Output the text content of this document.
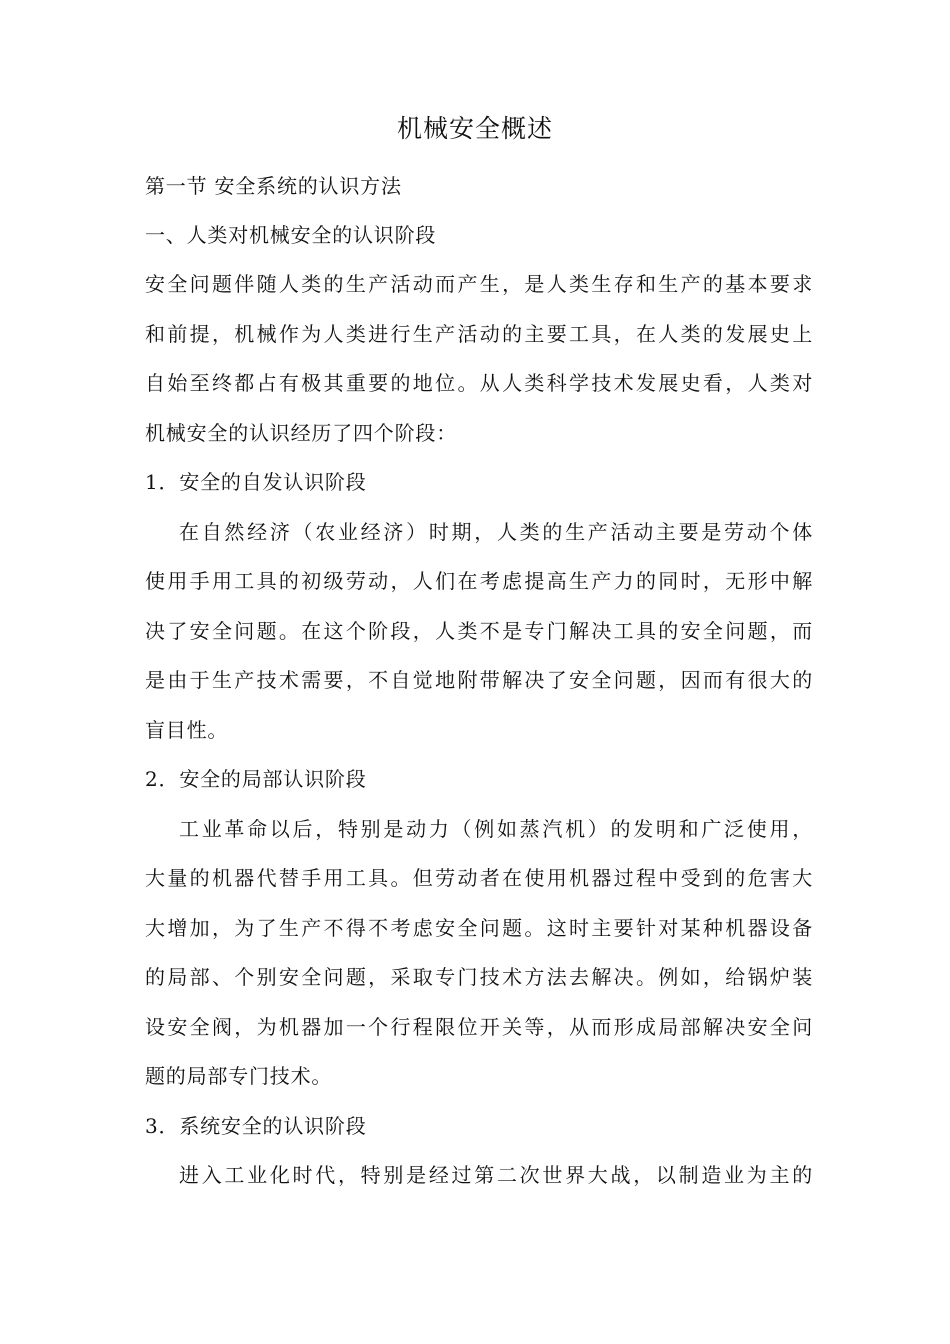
机械安全概述
第一节 安全系统的认识方法
一、人类对机械安全的认识阶段
安全问题伴随人类的生产活动而产生，是人类生存和生产的基本要求
和前提，机械作为人类进行生产活动的主要工具，在人类的发展史上
自始至终都占有极其重要的地位。从人类科学技术发展史看，人类对
机械安全的认识经历了四个阶段：
1．安全的自发认识阶段
在自然经济（农业经济）时期，人类的生产活动主要是劳动个体
使用手用工具的初级劳动，人们在考虑提高生产力的同时，无形中解
决了安全问题。在这个阶段，人类不是专门解决工具的安全问题，而
是由于生产技术需要，不自觉地附带解决了安全问题，因而有很大的
盲目性。
2．安全的局部认识阶段
工业革命以后，特别是动力（例如蒸汽机）的发明和广泛使用，
大量的机器代替手用工具。但劳动者在使用机器过程中受到的危害大
大增加，为了生产不得不考虑安全问题。这时主要针对某种机器设备
的局部、个别安全问题，采取专门技术方法去解决。例如，给锅炉装
设安全阀，为机器加一个行程限位开关等，从而形成局部解决安全问
题的局部专门技术。
3．系统安全的认识阶段
进入工业化时代，特别是经过第二次世界大战，以制造业为主的
